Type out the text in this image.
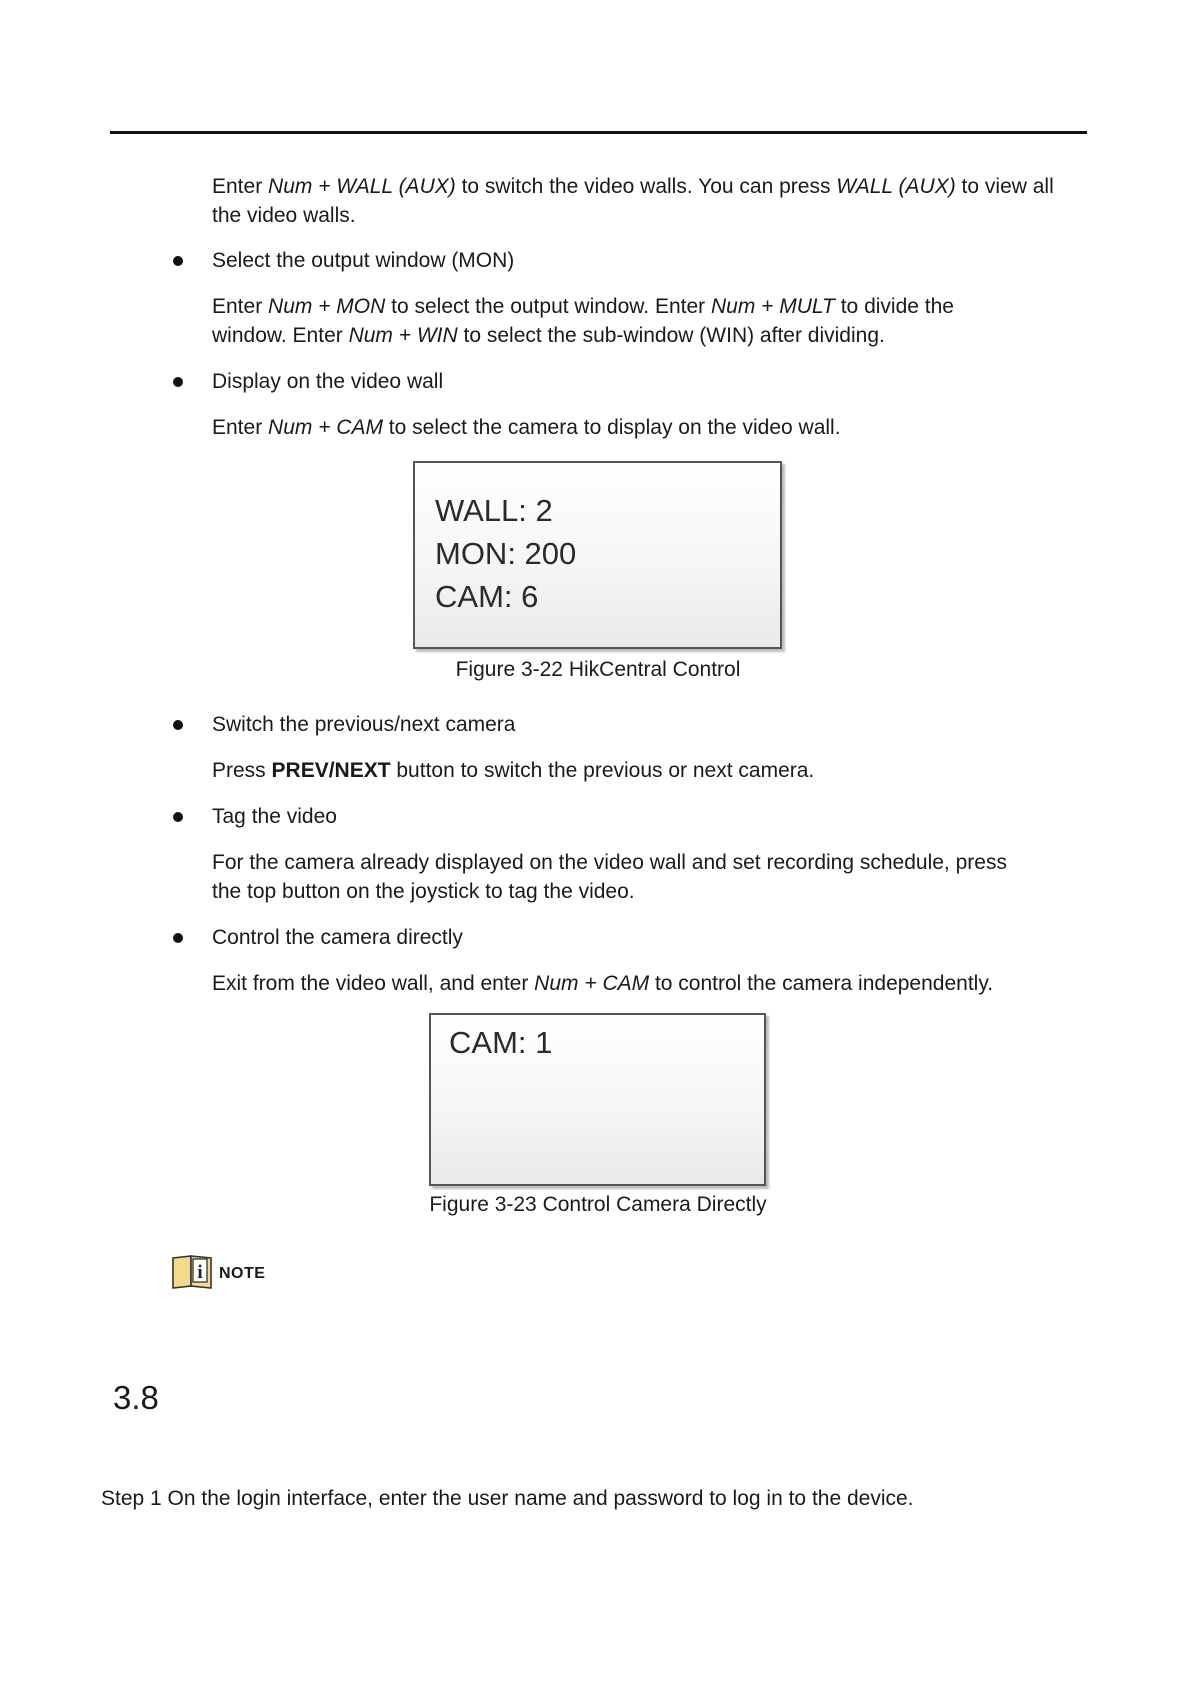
Enter Num + WALL (AUX) to switch the video walls. You can press WALL (AUX) to view all
the video walls.
Select the output window (MON)
Enter Num + MON to select the output window. Enter Num + MULT to divide the
window. Enter Num + WIN to select the sub-window (WIN) after dividing.
Display on the video wall
Enter Num + CAM to select the camera to display on the video wall.
WALL: 2
MON: 200
CAM: 6
Figure 3-22 HikCentral Control
Switch the previous/next camera
Press PREV/NEXT button to switch the previous or next camera.
Tag the video
For the camera already displayed on the video wall and set recording schedule, press
the top button on the joystick to tag the video.
Control the camera directly
Exit from the video wall, and enter Num + CAM to control the camera independently.
CAM: 1
Figure 3-23 Control Camera Directly
i NOTE
3.8
Step 1 On the login interface, enter the user name and password to log in to the device.
